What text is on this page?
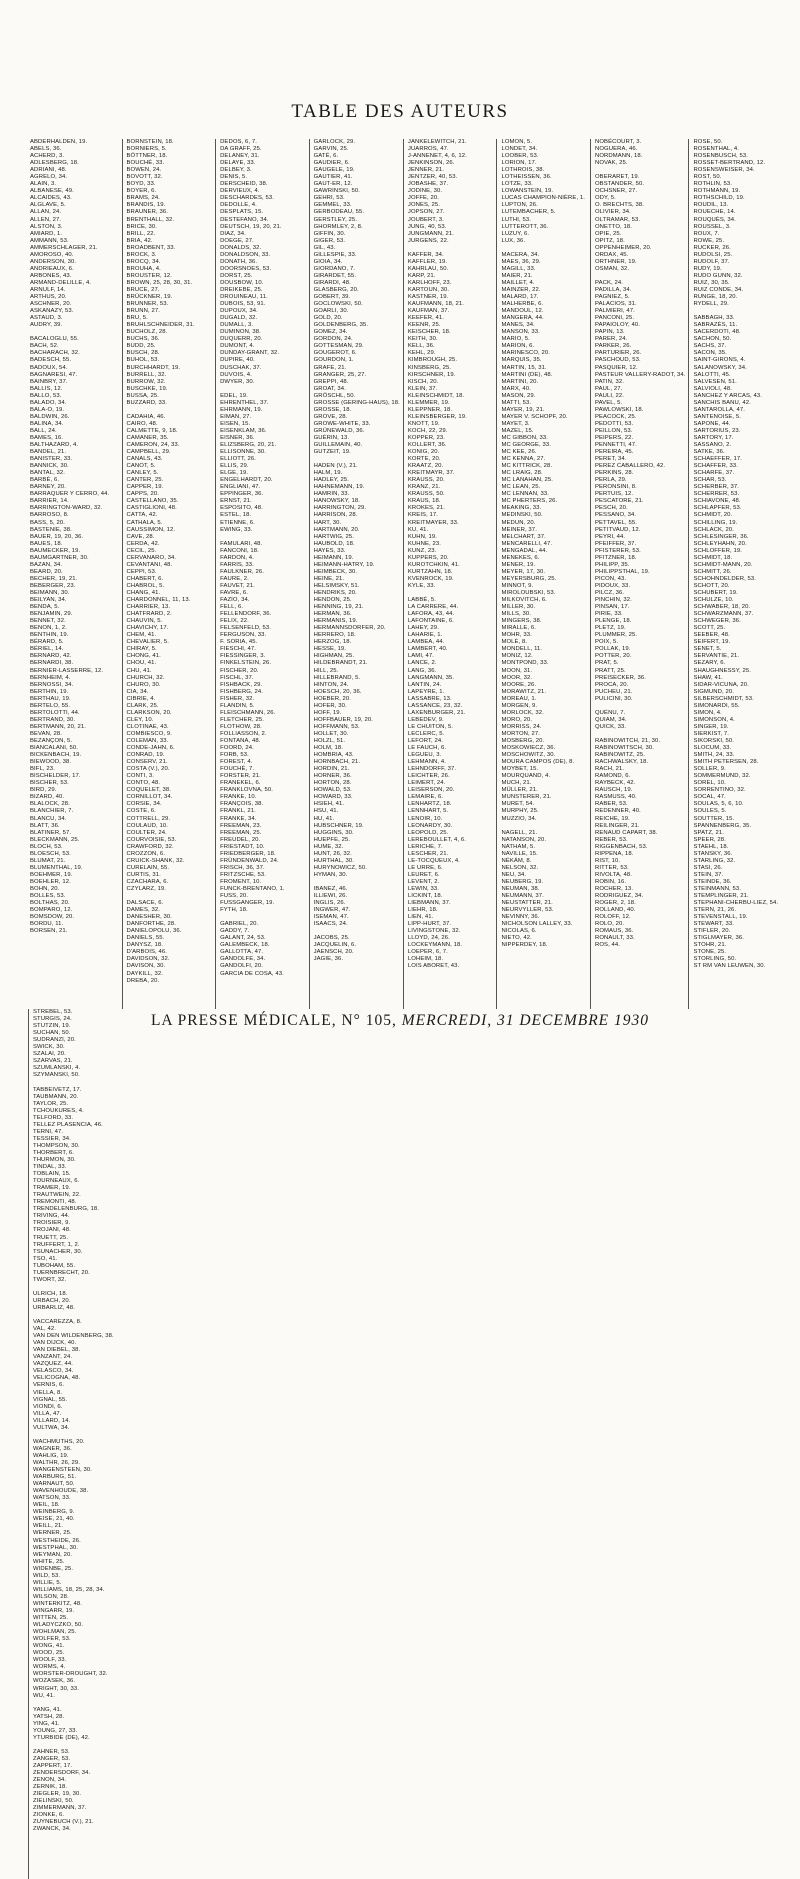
TABLE DES AUTEURS
ABDERHALDEN, 19.
ABELS, 36.
ACHERD, 3.
ADLESBERG, 18.
ADRIANI, 48.
AGRELO, 34.
ALAIN, 3.
ALBANESE, 49.
ALCAIDES, 43.
ALGLAVE, 5.
ALLAN, 24.
ALLEN, 27.
ALSTON, 3.
AMIARD, 1.
AMMANN, 53.
AMMERSCHLAGER, 21.
AMOROSO, 40.
ANDERSON, 30.
ANDRIEAUX, 6.
ARBONES, 43.
ARMAND-DELILLE, 4.
ARNULF, 14.
ARTHUS, 20.
ASCHNER, 20.
ASKANAZY, 53.
ASTAUD, 3.
AUDRY, 39.

BACALOGLU, 55.
BACH, 52.
BACHARACH, 32.
BADESCH, 55.
BADOUX, 54.
BAGNARESI, 47.
BAINBRY, 37.
BALLIS, 12.
BALLO, 53.
BALADO, 34.
BALA-O, 19.
BALDWIN, 26.
BALINA, 34.
BALL, 24.
BAMES, 16.
BALTHAZARD, 4.
BANDEL, 21.
BANISTER, 33.
BANNICK, 30.
BANTAL, 32.
BARBÉ, 6.
BARNEY, 20.
BARRAQUER Y CERRO, 44.
BARRIER, 14.
BARRINGTON-WARD, 32.
BARROSO, 8.
BASS, 5, 20.
BASTENIE, 38.
BAUER, 19, 20, 36.
BAUES, 18.
BAUMECKER, 19.
BAUMGARTNER, 30.
BAZAN, 34.
BEARD, 20.
BECHER, 19, 21.
BEBERGER, 23.
BEIMANN, 30.
BEILYAN, 34.
BENDA, 5.
BENJAMIN, 29.
BENNET, 32.
BENON, 1, 2.
BENTHIN, 19.
BÉRARD, 5.
BÉRIEL, 14.
BERNARD, 42.
BERNARDI, 38.
BERNIER-LASSERRE, 12.
BERNHEIM, 4.
BERNOSSI, 34.
BERTHIN, 19.
BERTHAU, 19.
BERTELO, 55.
BERTOLOTTI, 44.
BERTRAND, 30.
BERTMANN, 20, 21.
BEVAN, 28.
BEZANÇON, 5.
BIANCALANI, 50.
BICKENBACH, 19.
BIEWOOD, 38.
BIFL, 23.
BISCHELDER, 17.
BISCHER, 53.
BIRD, 29.
BIZARD, 40.
BLALOCK, 28.
BLANCHIER, 7.
BLANCU, 34.
BLATT, 36.
BLATINER, 57.
BLECKMANN, 25.
BLOCH, 53.
BLOESCH, 53.
BLUMAT, 21.
BLUMENTHAL, 19.
BOEHMER, 19.
BOEHLER, 12.
BOHN, 20.
BOLLES, 53.
BOLTHAS, 20.
BOMPARO, 12.
BOMSDOW, 20.
BORDU, 11.
BORSEN, 21.
BORNSTEIN, 18.
BORNIERS, 5.
BÖTTNER, 18.
BOUCHÉ, 33.
BOWEN, 24.
BOVOTT, 32.
BOYD, 33.
BOYER, 6.
BRAMS, 24.
BRANDIS, 19.
BRAUNER, 36.
BRENTHALL, 32.
BRICE, 30.
BRILL, 22.
BRIA, 42.
BROADBENT, 33.
BROCK, 3.
BROCQ, 34.
BROUHA, 4.
BROUSTER, 12.
BROWN, 25, 28, 30, 31.
BRUCE, 27.
BRÜCKNER, 19.
BRUNNER, 53.
BRUNN, 27.
BRU, 5.
BRUHLSCHNEIDER, 31.
BUCHOLZ, 28.
BUCHS, 36.
BUDD, 25.
BUSCH, 28.
BUHOL, 53.
BURCHHARDT, 19.
BURRELL, 32.
BURROW, 32.
BUSCHKE, 19.
BUSSA, 25.
BUZZARD, 33.

CADAHIA, 46.
CAIRO, 48.
CALMETTE, 9, 18.
CAMANER, 35.
CAMERON, 24, 33.
CAMPBELL, 29.
CANALS, 43.
CANOT, 5.
CANLEY, 5.
CANTER, 25.
CAPPER, 19.
CAPPS, 20.
CASTELLANO, 35.
CASTIGLIONI, 48.
CATTA, 42.
CATHALA, 5.
CAUSSIMON, 12.
CAVE, 28.
CERDA, 42.
CECIL, 25.
CERVANARO, 34.
CEVANTANI, 48.
CEPPI, 53.
CHABERT, 6.
CHABROL, 5.
CHANG, 41.
CHARDONNEL, 11, 13.
CHARRIER, 13.
CHATFRARD, 2.
CHAUVIN, 5.
CHAVICHY, 17.
CHEM, 41.
CHEVALIER, 5.
CHIRAY, 5.
CHONG, 41.
CHOU, 41.
CHU, 41.
CHURCH, 32.
CHURO, 30.
CIA, 34.
CIBRIE, 4.
CLARK, 25.
CLARKSON, 20.
CLEY, 10.
CLOTINAE, 43.
COMBIESCO, 9.
COLEMAN, 33.
CONDE-JAHN, 6.
CONRAD, 19.
CONSERV, 21.
COSTA (V.), 20.
CONTI, 3.
CONTO, 48.
COQUELET, 38.
CORNILLOT, 34.
CORSIE, 34.
COSTE, 6.
COTTRELL, 29.
COULAUD, 10.
COULTER, 24.
COURVOISIE, 53.
CRAWFORD, 32.
CROZZON, 6.
CRUICK-SHANK, 32.
CURELAIN, 55.
CURTIS, 31.
CZACHARA, 6.
CZYLARZ, 19.

DALSACE, 6.
DAMES, 32.
DANESHER, 30.
DANFORTHE, 28.
DANIELOPOLU, 36.
DANIELS, 55.
DANYSZ, 18.
D'ARBOIS, 46.
DAVIDSON, 32.
DAVISON, 30.
DAYKILL, 32.
DREBA, 20.
DEDOS, 6, 7.
DA GRAFF, 25.
DELANEY, 31.
DELAYE, 33.
DELBEY, 3.
DENIS, 5.
DERSCHEID, 38.
DERVIEUX, 4.
DESCHARDES, 53.
DEDOLLE, 4.
DESPLATS, 15.
DESTEFANO, 34.
DEUTSCH, 19, 20, 21.
DIAZ, 34.
DOEGE, 27.
DONALDS, 32.
DONALDSON, 33.
DONATH, 36.
DOORSNOES, 53.
DORST, 25.
DOUSBOW, 10.
DREIKEBE, 25.
DROUINEAU, 11.
DUBOIS, 53, 91.
DUPOUX, 34.
DUGALD, 32.
DUMALL, 3.
DUMINON, 38.
DUQUERR, 20.
DUMONT, 4.
DUNDAY-GRANT, 32.
DUPIRE, 40.
DUSCHAK, 37.
DUVOIS, 4.
DWYER, 30.

EDEL, 19.
EHRENTHEL, 37.
EHRMANN, 19.
EIMAN, 27.
EISEN, 15.
EISENKLAM, 36.
EISNER, 36.
ELIZSBERG, 20, 21.
ELLISONNE, 30.
ELLIOTT, 26.
ELLIS, 29.
ELGE, 19.
ENGELHARDT, 20.
ENGLIANI, 47.
EPPINGER, 36.
ERNST, 21.
ESPOSITO, 48.
ESTEL, 18.
ETIENNE, 6.
EWING, 33.

FAMULARI, 48.
FANCONI, 18.
FARDON, 4.
FARRIS, 33.
FAULKNER, 26.
FAURE, 2.
FAUVET, 21.
FAVRE, 6.
FAZIO, 34.
FELL, 6.
FELLENDORF, 36.
FELIX, 22.
FELSENFELD, 53.
FERGUSON, 33.
F. SORIA, 45.
FIESCHI, 47.
FIESSINGER, 3.
FINKELSTEIN, 26.
FISCHER, 20.
FISCHL, 37.
FISHBACK, 29.
FISHBERG, 24.
FISHER, 32.
FLANDIN, 5.
FLEISCHMANN, 26.
FLETCHER, 25.
FLOTHOW, 28.
FOLLIASSON, 2.
FONTANA, 48.
FOORD, 24.
FORB, 53.
FOREST, 4.
FOUCHÉ, 7.
FORSTER, 21.
FRANEKEL, 6.
FRANKLOVNA, 50.
FRANKE, 10.
FRANÇOIS, 38.
FRANKL, 21.
FRANKE, 34.
FREEMAN, 23.
FREEMAN, 25.
FREUDEL, 20.
FRIESTADT, 10.
FRIEDBERGER, 18.
FRÜNDENWALD, 24.
FRISCH, 36, 37.
FRITZSCHE, 53.
FROMENT, 10.
FUNCK-BRENTANO, 1.
FUSS, 20.
FUSSGANGER, 19.
FYTH, 18.

GABRIEL, 20.
GADDY, 7.
GALANT, 24, 53.
GALEMBECK, 18.
GALLOTTA, 47.
GANDOLFE, 34.
GANDOLFI, 20.
GARCIA DE COSA, 43.
GARLOCK, 29.
GARVIN, 25.
GATÉ, 6.
GAUDIER, 6.
GAUGELE, 19.
GAUTIER, 41.
GAUT-ER, 12.
GAWRINSKI, 50.
GEHRI, 53.
GEMMEL, 33.
GERBODEAU, 55.
GERSTLEY, 25.
GHORMLEY, 2, 8.
GIFFIN, 30.
GIGER, 53.
GIL, 43.
GILLESPIE, 33.
GIOIA, 34.
GIORDANO, 7.
GIRARDET, 55.
GIRARDI, 48.
GLASBERG, 20.
GOBERT, 39.
GOCLOWSKI, 50.
GOARLI, 30.
GOLD, 20.
GOLDENBERG, 35.
GOMEZ, 34.
GORDON, 24.
GOTTESMAN, 29.
GOUGEROT, 6.
GOURDON, 1.
GRAFE, 21.
GRANGER, 25, 27.
GREPPI, 48.
GROAT, 34.
GRÖSCHL, 50.
GROSSE (GERING-HAUS), 18.
GROSSE, 18.
GROVE, 28.
GROWE-WHITE, 33.
GRÜNEWALD, 36.
GUÉRIN, 13.
GUILLEMAIN, 40.
GUTZEIT, 19.

HADEN (V.), 21.
HALM, 19.
HADLEY, 25.
HAHNEMANN, 19.
HAMRIN, 33.
HANOWSKY, 18.
HARRINGTON, 29.
HARRISON, 28.
HART, 30.
HARTMANN, 20.
HARTWIG, 25.
HAUBOLD, 18.
HAYES, 33.
HEIMANN, 19.
HEIMANN-HATRY, 19.
HEIMBECK, 30.
HEINE, 21.
HELSIMSKY, 51.
HENDRIKS, 20.
HENDON, 25.
HENNING, 19, 21.
HERMAN, 36.
HERMANIS, 19.
HERMANNSDORFER, 20.
HERRERO, 18.
HERZOG, 18.
HESSE, 19.
HIGHMAN, 25.
HILDEBRANDT, 21.
HILL, 25.
HILLEBRAND, 5.
HINTON, 24.
HOESCH, 20, 36.
HOEBER, 20.
HOFER, 30.
HOFF, 19.
HOFFBAUER, 19, 20.
HOFFMANN, 53.
HOLLET, 30.
HOLZL, 51.
HOLM, 18.
HOMBRIA, 43.
HORNBACH, 21.
HORDIN, 21.
HORNER, 36.
HORTON, 28.
HOWALD, 53.
HOWARD, 33.
HSIEH, 41.
HSU, 41.
HU, 41.
HUBSCHNER, 19.
HUGGINS, 30.
HUEPFE, 25.
HUME, 32.
HUNT, 26, 32.
HURTHAL, 30.
HURYNOWICZ, 50.
HYMAN, 30.

IBANEZ, 46.
ILLIEWI, 26.
INGLIS, 26.
INGWER, 47.
ISEMAN, 47.
ISAACS, 24.

JACOBS, 25.
JACQUELIN, 6.
JAENSCH, 20.
JAGIE, 36.
JANKELEWITCH, 21.
JUARROS, 47.
J-ANNENET, 4, 6, 12.
JENKINSON, 26.
JENNER, 21.
JENTZER, 40, 53.
JOBASHE, 37.
JODINE, 30.
JOFFE, 20.
JONES, 25.
JOPSON, 27.
JOUBERT, 3.
JUNG, 40, 53.
JUNGMANN, 21.
JURGENS, 22.

KAFFER, 34.
KAFFLER, 19.
KAHRLAU, 50.
KARP, 21.
KARLHOFF, 23.
KARTOUN, 30.
KASTNER, 19.
KAUFMANN, 18, 21.
KAUFMAN, 37.
KEEFER, 41.
KEENR, 25.
KEISCHER, 18.
KEITH, 30.
KELL, 36.
KEHL, 29.
KIMBROUGH, 25.
KINSBERG, 25.
KIRSCHNER, 19.
KISCH, 20.
KLEIN, 37.
KLEINSCHMIDT, 18.
KLEMMER, 19.
KLEPPNER, 18.
KLEINSBERGER, 19.
KNOTT, 19.
KOCH, 22, 29.
KOPPER, 23.
KOLLERT, 36.
KONIG, 20.
KORTE, 20.
KRAATZ, 20.
KREITMAYR, 37.
KRAUSS, 20.
KRANZ, 21.
KRAUSS, 50.
KRAUS, 18.
KROKES, 21.
KREIS, 17.
KREITMAYER, 33.
KU, 41.
KUHN, 19.
KUHNE, 23.
KUNZ, 23.
KUPPERS, 20.
KUROTCHKIN, 41.
KURTZAHN, 18.
KVENROCK, 19.
KYLE, 33.

LABBÉ, 5.
LA CARRERE, 44.
LAFORA, 43, 44.
LAFONTAINE, 6.
LAHEY, 29.
LAHARIE, 1.
LAMBEA, 44.
LAMBERT, 40.
LAMI, 47.
LANCE, 2.
LANG, 36.
LANGMANN, 35.
LANTIN, 24.
LAPEYRE, 1.
LASSABRE, 13.
LASSANCE, 23, 32.
LAXENBURGER, 21.
LEBEDEV, 9.
LE CHUITON, 5.
LECLERC, 5.
LEFORT, 24.
LE FAUCH, 6.
LEGUEU, 3.
LEHMANN, 4.
LEHNDORFF, 37.
LEICHTER, 26.
LEIMERT, 24.
LEISERSON, 20.
LEMAIRE, 6.
LENHARTZ, 18.
LENNHART, 5.
LENOIR, 10.
LEONARDY, 30.
LEOPOLD, 25.
LEREBOULLET, 4, 6.
LERICHE, 7.
LESCHER, 21.
LE-TOCQUEUX, 4.
LE URRE, 6.
LEURET, 6.
LEVENT, 2.
LEWIN, 33.
LICKINT, 18.
LIEBMANN, 37.
LIEHR, 18.
LIEN, 41.
LIPP-HURT, 37.
LIVINGSTONE, 32.
LLOYD, 24, 26.
LOCKEYMANN, 18.
LOEPER, 6, 7.
LOHEIM, 18.
LOIS ABORET, 43.
LOMON, 5.
LONDET, 34.
LOOBER, 53.
LORION, 17.
LOTHROIS, 38.
LOTHEISSEN, 36.
LOTZE, 33.
LOWANSTEIN, 19.
LUCAS CHAMPION-NIÈRE, 1.
LUPTON, 26.
LUTEMBACHER, 5.
LUTHI, 53.
LUTTEROTT, 36.
LUZUY, 6.
LUX, 36.

MACERA, 34.
MAES, 36, 29.
MAGILL, 33.
MAIER, 21.
MAILLET, 4.
MAINZER, 22.
MALARD, 17.
MALHERBE, 6.
MANDOUL, 12.
MANGERA, 44.
MANES, 34.
MANSON, 33.
MARIO, 5.
MARION, 6.
MARINESCO, 20.
MARQUIS, 35.
MARTIN, 15, 31.
MARTINI (DE), 48.
MARTINI, 20.
MARX, 40.
MASON, 29.
MATTI, 53.
MAYER, 19, 21.
MAYER V. SCHOPF, 20.
MAYET, 3.
MAZEL, 15.
MC GIBBON, 33.
MC GEORGE, 33.
MC KEE, 26.
MC KENNA, 27.
MC KITTRICK, 28.
MC LRAIG, 28.
MC LANAHAN, 25.
MC LEAN, 25.
MC LENNAN, 33.
MC PHERTERS, 26.
MEAKING, 33.
MEDINSKI, 50.
MEDUN, 20.
MEINER, 37.
MELCHART, 37.
MENCARELLI, 47.
MENGADAL, 44.
MENEKES, 6.
MENER, 19.
MEYER, 17, 30.
MEYERSBURG, 25.
MINNOT, 9.
MIROLOUBSKI, 53.
MILKOVITCH, 6.
MILLER, 30.
MILLS, 30.
MINGERS, 38.
MIRALLE, 6.
MOHR, 33.
MOLÉ, 8.
MONDELL, 11.
MONIZ, 12.
MONTPOND, 33.
MOON, 31.
MOOR, 32.
MOORE, 26.
MORAWITZ, 21.
MOREAU, 1.
MORGEN, 9.
MORLOCK, 32.
MORO, 20.
MORRISS, 24.
MORTON, 27.
MOSBERG, 20.
MOSKOWIECZ, 36.
MOSCHOWITZ, 30.
MOURA CAMPOS (DE), 8.
MOYBET, 15.
MOURQUAND, 4.
MUCH, 21.
MÜLLER, 21.
MUNSTERER, 21.
MURET, 54.
MURPHY, 25.
MUZZIO, 34.

NAGELL, 21.
NATANSON, 20.
NATHAM, 5.
NAVILLE, 15.
NÉKÁM, 8.
NELSON, 32.
NEU, 34.
NEUBERG, 19.
NEUMAN, 38.
NEUMANN, 37.
NEUSTATTER, 21.
NEURVYLLER, 53.
NEVINNY, 36.
NICHOLSON LALLEY, 33.
NICOLAS, 6.
NIETO, 42.
NIPPERDEY, 18.
NOBÉCOURT, 3.
NOGUERA, 46.
NORDMANN, 18.
NOVAK, 25.

OBERARET, 19.
OBSTANDER, 50.
OCHSNER, 27.
ODY, 5.
O. BRECHTS, 38.
OLIVIER, 34.
OLTRAMAR, 53.
ONETTO, 18.
OPIE, 25.
OPITZ, 18.
OPPENHEIMER, 20.
ORDAX, 45.
ORTHNER, 19.
OSMAN, 32.

PACK, 24.
PADILLA, 34.
PAGNIEZ, 5.
PALACIOS, 31.
PALMIERI, 47.
PANCONI, 25.
PAPAIOLOY, 40.
PAPIN, 13.
PARER, 24.
PARKER, 26.
PARTURIER, 26.
PASCHOUD, 53.
PASQUIER, 12.
PASTEUR VALLERY-RADOT, 34.
PATIN, 32.
PAUL, 27.
PAULI, 22.
PAVEL, 5.
PAWLOWSKI, 18.
PEACOCK, 25.
PEDOTTI, 53.
PEILLON, 53.
PEIPERS, 22.
PENNETTI, 47.
PEREIRA, 45.
PERET, 34.
PEREZ CABALLERO, 42.
PERKINS, 28.
PERLA, 29.
PERONSINI, 8.
PERTUIS, 12.
PESCATORE, 21.
PESCH, 20.
PESSANO, 34.
PETTAVEL, 55.
PETITVAUD, 12.
PEYRI, 44.
PFEIFFER, 37.
PFISTERER, 53.
PFITZNER, 18.
PHILIPP, 35.
PHILIPPSTHAL, 19.
PICON, 43.
PIDOUX, 33.
PILCZ, 36.
PINCHIN, 32.
PINSAN, 17.
PIRIE, 33.
PLENGE, 18.
PLETZ, 19.
PLUMMER, 25.
POIX, 5.
POLLAK, 19.
POTTER, 20.
PRAT, 5.
PRATT, 25.
PREISECKER, 36.
PROCA, 20.
PUCHEU, 21.
PULICINI, 30.

QUÉNU, 7.
QUIAM, 34.
QUICK, 33.

RABINOWITCH, 21, 30.
RABINOWITSCH, 30.
RABINOWITZ, 25.
RACHWALSKY, 18.
RACH, 21.
RAMOND, 6.
RAYBECK, 42.
RAUSCH, 19.
RASMUSS, 40.
RABER, 53.
REDENNER, 40.
REICHE, 19.
REILINGER, 21.
RENAUD CAPART, 38.
REBER, 53.
RIGGENBACH, 53.
RIPPENA, 18.
RIST, 10.
RITTER, 53.
RIVOLTA, 48.
ROBIN, 16.
ROCHER, 13.
RODRIGUEZ, 34.
ROGER, 2, 18.
ROLLAND, 40.
ROLOFF, 12.
ROLO, 20.
ROMAUS, 36.
RONAULT, 33.
ROS, 44.
ROSE, 50.
ROSENTHAL, 4.
ROSENBUSCH, 53.
ROSSET-BERTRAND, 12.
ROSENSWEISER, 34.
ROST, 50.
ROTHLIN, 53.
ROTHMANN, 19.
ROTHSCHILD, 19.
ROUDIL, 13.
ROUECHE, 14.
ROUQUÈS, 34.
ROUSSEL, 3.
ROUX, 7.
ROWE, 25.
RUCKER, 26.
RUDOLSI, 25.
RUDOLF, 37.
RUDY, 19.
RUDO GUNN, 32.
RUIZ, 30, 35.
RUIZ CONDE, 34.
RUNGE, 18, 20.
RYDELL, 29.

SABBAGH, 33.
SABRAZÈS, 11.
SACERDOTI, 48.
SACHON, 50.
SACHS, 37.
SACON, 35.
SAINT-GIRONS, 4.
SALANOWSKY, 34.
SALOTTI, 45.
SALVESEN, 51.
SALVIOLI, 48.
SANCHEZ Y ARCAS, 43.
SANCHIS BANU, 42.
SANTAROLLA, 47.
SANTENOISE, 5.
SAPONE, 44.
SARTORIUS, 23.
SARTORY, 17.
SASSANO, 2.
SATKE, 36.
SCHAEFFER, 17.
SCHAFFER, 33.
SCHARFE, 37.
SCHAR, 53.
SCHERBER, 37.
SCHERRER, 53.
SCHIAVONE, 48.
SCHLAPFER, 53.
SCHMIDT, 20.
SCHILLING, 19.
SCHLACK, 20.
SCHLESINGER, 36.
SCHLEYHAHN, 20.
SCHLOFFER, 19.
SCHMIDT, 18.
SCHMIDT-MANN, 20.
SCHMITT, 26.
SCHOHNDELDER, 53.
SCHOTT, 20.
SCHUBERT, 19.
SCHULZE, 10.
SCHWABER, 18, 20.
SCHWARZMANN, 37.
SCHWEGER, 36.
SCOTT, 25.
SEEBER, 48.
SEIFERT, 19.
SENET, 5.
SERVANTIE, 21.
SEZARY, 6.
SHAUGHNESSY, 25.
SHAW, 41.
SIDAR-VICUNA, 20.
SIGMUND, 20.
SILBERSCHMIDT, 53.
SIMONARDI, 55.
SIMON, 4.
SIMONSON, 4.
SINGER, 19.
SIERKIST, 7.
SIKORSKI, 50.
SLOCUM, 33.
SMITH, 24, 33.
SMITH PETERSEN, 28.
SOLLER, 9.
SOMMERMUND, 32.
SOREL, 10.
SORRENTINO, 32.
SOCAL, 47.
SOULAS, 5, 6, 10.
SOULES, 5.
SOUTTER, 15.
SPANNENBERG, 35.
SPATZ, 21.
SPEER, 28.
STAEHL, 18.
STANSKY, 36.
STARLING, 32.
STASI, 26.
STEIN, 37.
STEINDE, 36.
STEINMANN, 53.
STEMPLINGER, 21.
STEPHANI-CHERBU-LIEZ, 54.
STERN, 21, 26.
STEVENSTALL, 19.
STEWART, 33.
STIFLER, 20.
STIGLMAYER, 36.
STOHR, 21.
STONE, 25.
STORLING, 50.
ST RM VAN LEUWEN, 30.
STREBEL, 53.
STURGIS, 24.
STUTZIN, 19.
SUCHAN, 50.
SUDRANZI, 20.
SWICK, 30.
SZALAI, 20.
SZARVAS, 21.
SZUMLANSKI, 4.
SZYMANSKI, 50.

TABBEIVETZ, 17.
TAUBMANN, 20.
TAYLOR, 25.
TCHOUKURES, 4.
TELFORD, 33.
TELLEZ PLASENCIA, 46.
TERNI, 47.
TESSIER, 34.
THOMPSON, 30.
THORBERT, 6.
THURMON, 30.
TINDAL, 33.
TOBLAIN, 15.
TOURNEAUX, 6.
TRAMER, 19.
TRAUTWEIN, 22.
TREMONTI, 48.
TRENDELENBURG, 18.
TRIVING, 44.
TROISIER, 9.
TROJANI, 48.
TRUETT, 25.
TRUFFERT, 1, 2.
TSUNACHER, 30.
TSO, 41.
TUBOHAM, 55.
TUERNBRECHT, 20.
TWORT, 32.

ULRICH, 18.
URBACH, 20.
URBARLIZ, 48.

VACCAREZZA, 8.
VAL, 42.
VAN DEN WILDENBERG, 38.
VAN DIJCK, 40.
VAN DIEBEL, 38.
VANZANT, 24.
VAZQUEZ, 44.
VELASCO, 34.
VELICOGNA, 48.
VERNIS, 6.
VIELLA, 8.
VIGNAL, 55.
VIONDI, 6.
VILLA, 47.
VILLARD, 14.
VULTWA, 34.

WACHMUTHS, 20.
WAGNER, 36.
WAHLIG, 19.
WALTHR, 26, 29.
WANGENSTEEN, 30.
WARBURG, 51.
WARNAUT, 50.
WAVENHOUDE, 38.
WATSON, 33.
WEIL, 18.
WEINBERG, 9.
WEISE, 21, 40.
WEILL, 21.
WERNER, 25.
WESTHEIDE, 26.
WESTPHAL, 30.
WEYMAN, 20.
WHITE, 25.
WIDENBE, 25.
WILD, 53.
WILLIE, 5.
WILLIAMS, 18, 25, 28, 34.
WILSON, 28.
WINTERKITZ, 48.
WINGARR, 19.
WITTEN, 25.
WLADYCZKO, 50.
WOHLMAN, 25.
WOLFER, 53.
WONG, 41.
WOOD, 25.
WOOLF, 33.
WORMS, 4.
WORSTER-DROUGHT, 32.
WOZASEK, 36.
WRIGHT, 30, 33.
WU, 41.

YANG, 41.
YATSH, 28.
YING, 41.
YOUNG, 27, 33.
YTURBIDE (DE), 42.

ZAHNER, 53.
ZANGER, 53.
ZAPPERT, 17.
ZENDERSDORF, 34.
ZENON, 34.
ZERNIK, 18.
ZIEGLER, 19, 30.
ZIELINSKI, 50.
ZIMMERMANN, 37.
ZIONKE, 6.
ZUYNEBUCH (V.), 21.
ZWANCK, 34.
LA PRESSE MÉDICALE, N° 105, MERCREDI, 31 DECEMBRE 1930
